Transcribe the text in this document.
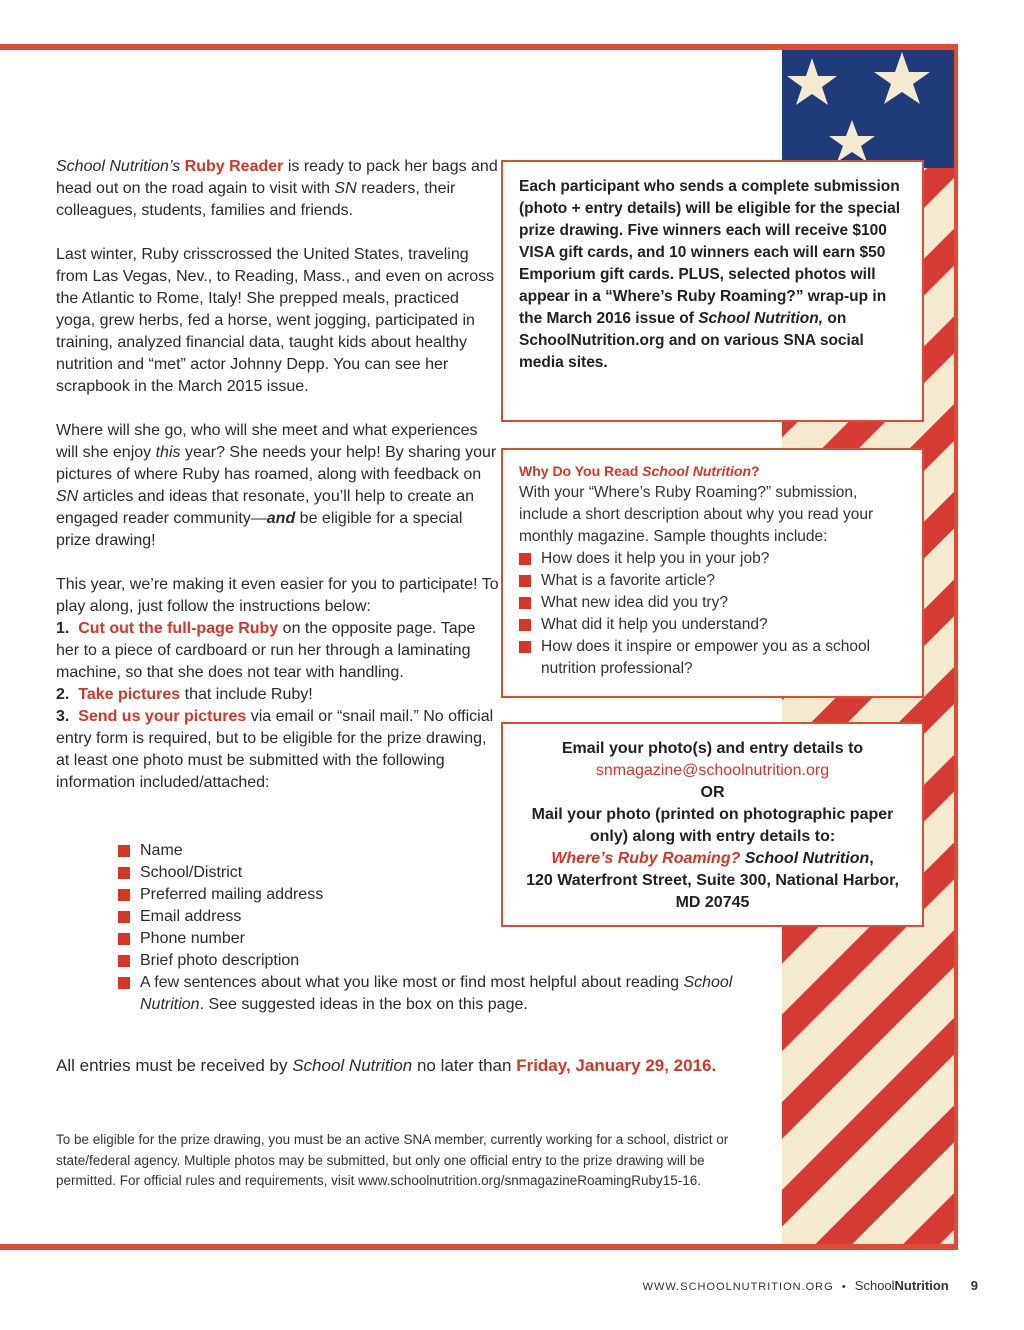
School Nutrition’s Ruby Reader is ready to pack her bags and head out on the road again to visit with SN readers, their colleagues, students, families and friends.

Last winter, Ruby crisscrossed the United States, traveling from Las Vegas, Nev., to Reading, Mass., and even on across the Atlantic to Rome, Italy! She prepped meals, practiced yoga, grew herbs, fed a horse, went jogging, participated in training, analyzed financial data, taught kids about healthy nutrition and “met” actor Johnny Depp. You can see her scrapbook in the March 2015 issue.

Where will she go, who will she meet and what experiences will she enjoy this year? She needs your help! By sharing your pictures of where Ruby has roamed, along with feedback on SN articles and ideas that resonate, you’ll help to create an engaged reader community—and be eligible for a special prize drawing!

This year, we’re making it even easier for you to participate! To play along, just follow the instructions below:

1. Cut out the full-page Ruby on the opposite page. Tape her to a piece of cardboard or run her through a laminating machine, so that she does not tear with handling.

2. Take pictures that include Ruby!

3. Send us your pictures via email or “snail mail.” No official entry form is required, but to be eligible for the prize drawing, at least one photo must be submitted with the following information included/attached:

Name
School/District
Preferred mailing address
Email address
Phone number
Brief photo description
A few sentences about what you like most or find most helpful about reading School Nutrition. See suggested ideas in the box on this page.
All entries must be received by School Nutrition no later than Friday, January 29, 2016.

To be eligible for the prize drawing, you must be an active SNA member, currently working for a school, district or state/federal agency. Multiple photos may be submitted, but only one official entry to the prize drawing will be permitted. For official rules and requirements, visit www.schoolnutrition.org/snmagazineRoamingRuby15-16.

Each participant who sends a complete submission (photo + entry details) will be eligible for the special prize drawing. Five winners each will receive $100 VISA gift cards, and 10 winners each will earn $50 Emporium gift cards. PLUS, selected photos will appear in a “Where’s Ruby Roaming?” wrap-up in the March 2016 issue of School Nutrition, on SchoolNutrition.org and on various SNA social media sites.
Why Do You Read School Nutrition?

With your “Where’s Ruby Roaming?” submission, include a short description about why you read your monthly magazine. Sample thoughts include:

How does it help you in your job?
What is a favorite article?
What new idea did you try?
What did it help you understand?
How does it inspire or empower you as a school nutrition professional?
Email your photo(s) and entry details to
snmagazine@schoolnutrition.org
OR
Mail your photo (printed on photographic paper only) along with entry details to:
Where’s Ruby Roaming? School Nutrition,
120 Waterfront Street, Suite 300, National Harbor, MD 20745
WWW.SCHOOLNUTRITION.ORG • SchoolNutrition 9
